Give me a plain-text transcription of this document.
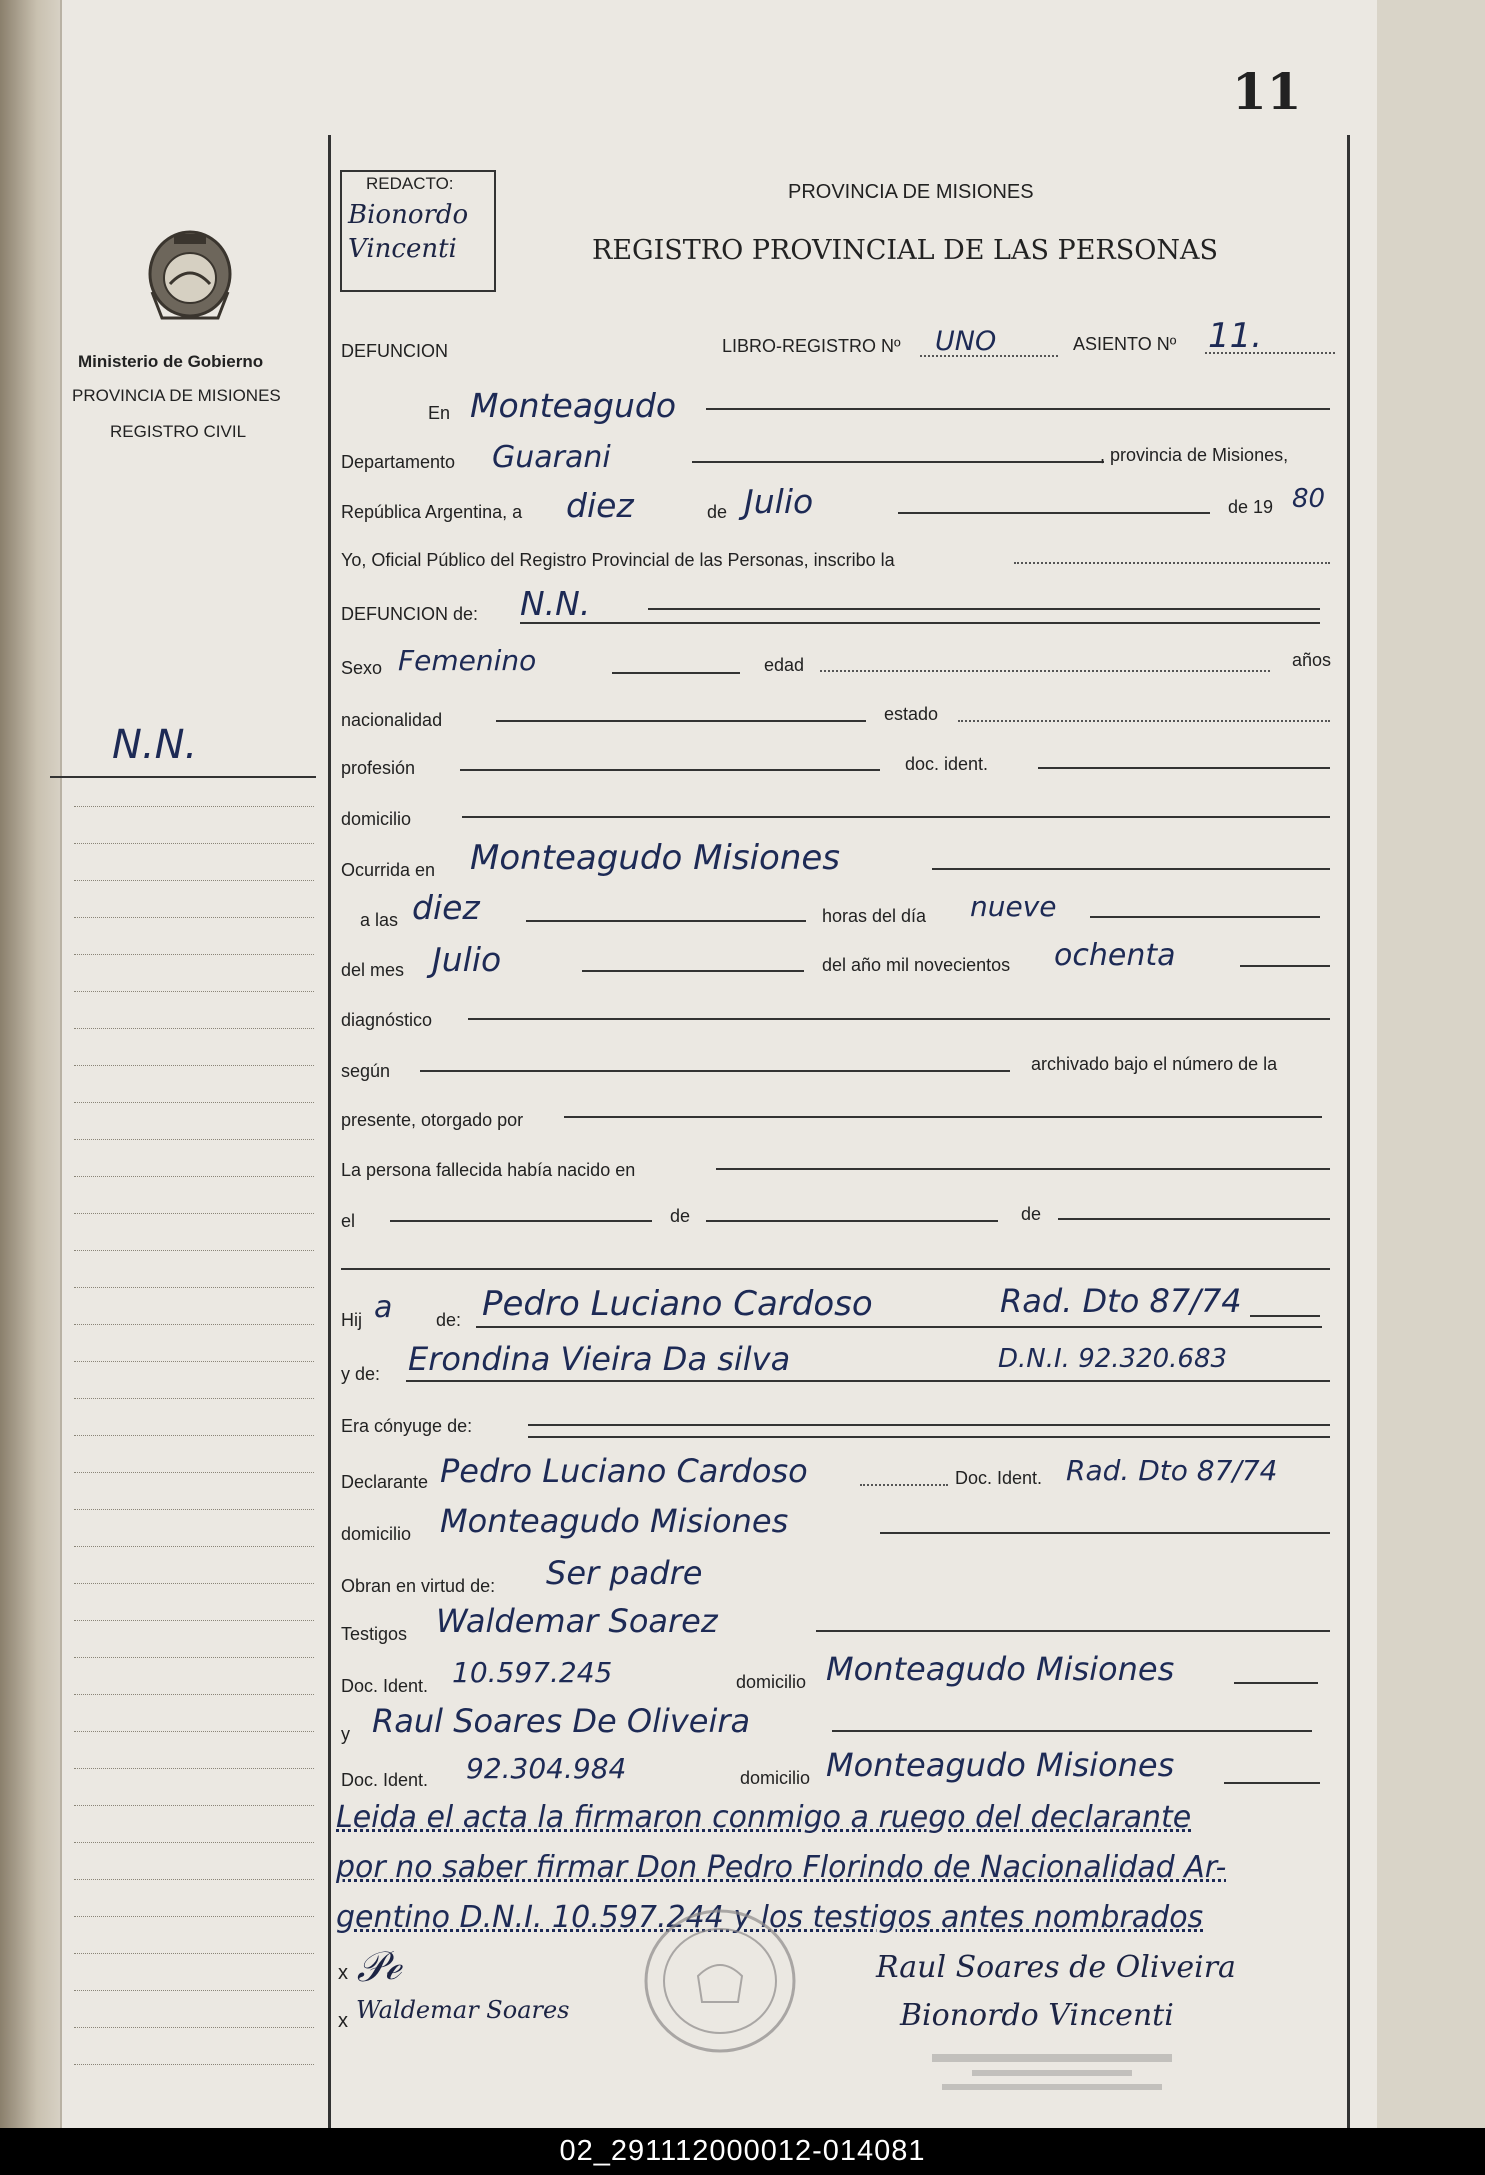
11
REDACTO:
Bionordo Vincenti
Ministerio de Gobierno
PROVINCIA DE MISIONES
REGISTRO CIVIL
N.N.
PROVINCIA DE MISIONES
REGISTRO PROVINCIAL DE LAS PERSONAS
DEFUNCION	LIBRO-REGISTRO Nº UNO	ASIENTO Nº 11.
En Monteagudo
Departamento Guarani	, provincia de Misiones,
República Argentina, a diez	de Julio	de 19 80
Yo, Oficial Público del Registro Provincial de las Personas, inscribo la
DEFUNCION de: N.N.
Sexo Femenino	edad	años
nacionalidad	estado
profesión	doc. ident.
domicilio
Ocurrida en Monteagudo Misiones
a las diez	horas del día nueve
del mes Julio	del año mil novecientos ochenta
diagnóstico
según	archivado bajo el número de la
presente, otorgado por
La persona fallecida había nacido en
el	de	de
Hij a de: Pedro Luciano Cardoso	Rad. Dto 87/74
y de: Erondina Vieira Da silva	D.N.I. 92.320.683
Era cónyuge de:
Declarante Pedro Luciano Cardoso	Doc. Ident. Rad. Dto 87/74
domicilio Monteagudo Misiones
Obran en virtud de: Ser padre
Testigos Waldemar Soarez
Doc. Ident. 10.597.245	domicilio Monteagudo Misiones
y Raul Soares De Oliveira
Doc. Ident. 92.304.984	domicilio Monteagudo Misiones
Leida el acta la firmaron conmigo a ruego del declarante
por no saber firmar Don Pedro Florindo de Nacionalidad Ar-
gentino D.N.I. 10.597.244 y los testigos antes nombrados
x
x
𝒫ℯ
Waldemar Soares
Raul Soares de Oliveira
Bionordo Vincenti
02_291112000012-014081
